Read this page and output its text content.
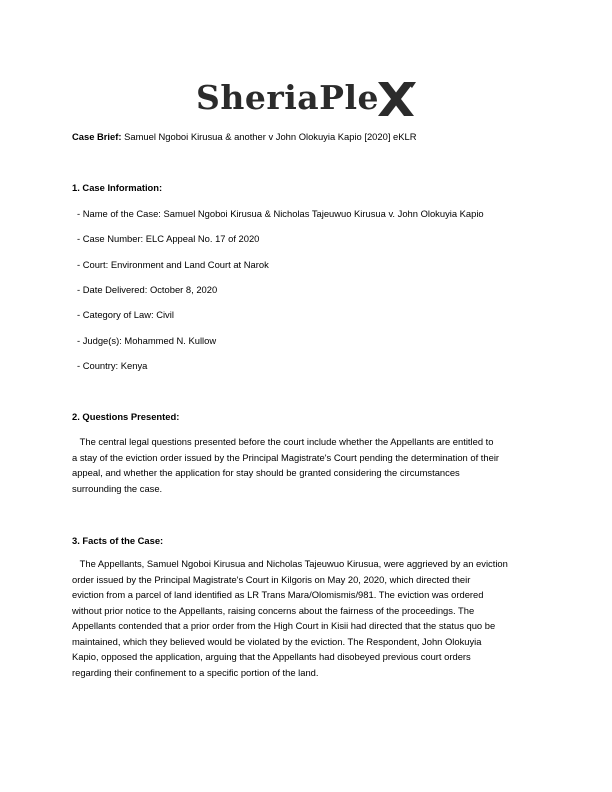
SheriaPle
Case Brief: Samuel Ngoboi Kirusua & another v John Olokuyia Kapio [2020] eKLR
1. Case Information:
- Name of the Case: Samuel Ngoboi Kirusua & Nicholas Tajeuwuo Kirusua v. John Olokuyia Kapio
- Case Number: ELC Appeal No. 17 of 2020
- Court: Environment and Land Court at Narok
- Date Delivered: October 8, 2020
- Category of Law: Civil
- Judge(s): Mohammed N. Kullow
- Country: Kenya
2. Questions Presented:
The central legal questions presented before the court include whether the Appellants are entitled to
a stay of the eviction order issued by the Principal Magistrate's Court pending the determination of their
appeal, and whether the application for stay should be granted considering the circumstances
surrounding the case.
3. Facts of the Case:
The Appellants, Samuel Ngoboi Kirusua and Nicholas Tajeuwuo Kirusua, were aggrieved by an eviction
order issued by the Principal Magistrate's Court in Kilgoris on May 20, 2020, which directed their
eviction from a parcel of land identified as LR Trans Mara/Olomismis/981. The eviction was ordered
without prior notice to the Appellants, raising concerns about the fairness of the proceedings. The
Appellants contended that a prior order from the High Court in Kisii had directed that the status quo be
maintained, which they believed would be violated by the eviction. The Respondent, John Olokuyia
Kapio, opposed the application, arguing that the Appellants had disobeyed previous court orders
regarding their confinement to a specific portion of the land.
